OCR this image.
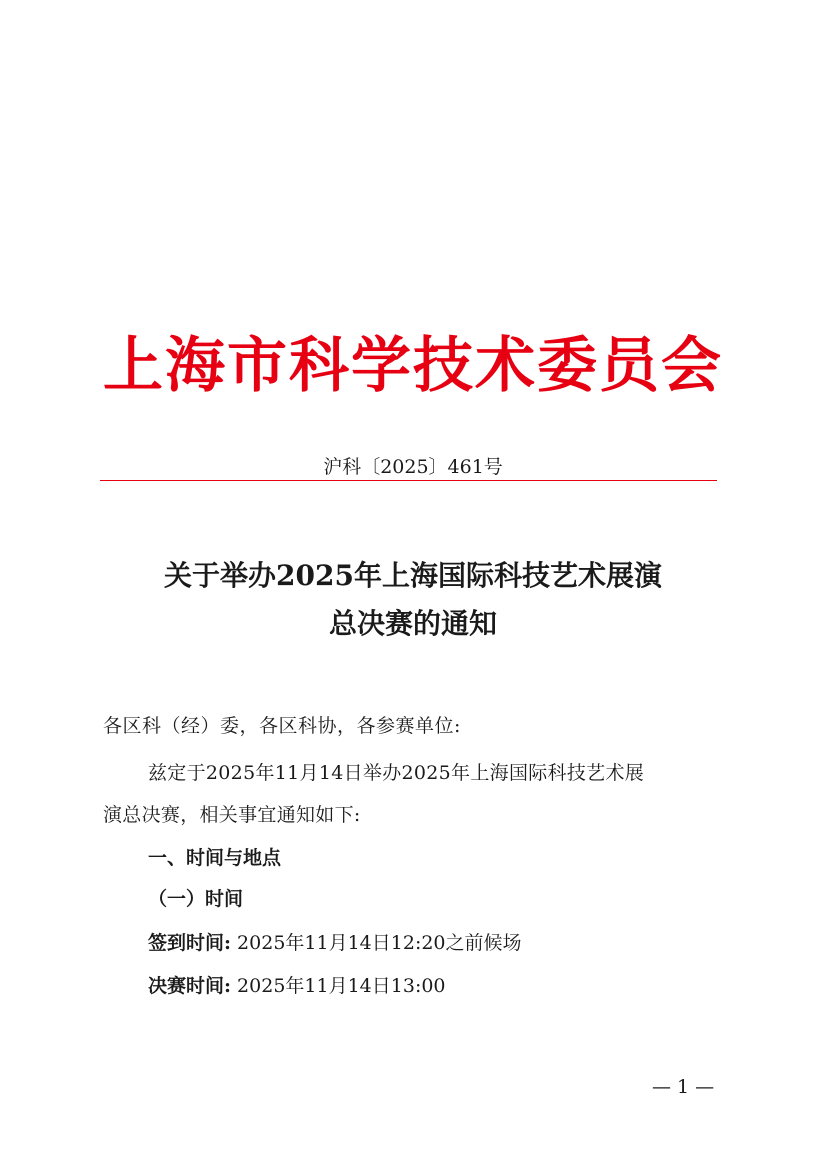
上海市科学技术委员会
沪科〔2025〕461号
关于举办2025年上海国际科技艺术展演
总决赛的通知
各区科（经）委，各区科协，各参赛单位:
兹定于2025年11月14日举办2025年上海国际科技艺术展
演总决赛，相关事宜通知如下:
一、时间与地点
（一）时间
签到时间: 2025年11月14日12:20之前候场
决赛时间: 2025年11月14日13:00
— 1 —
